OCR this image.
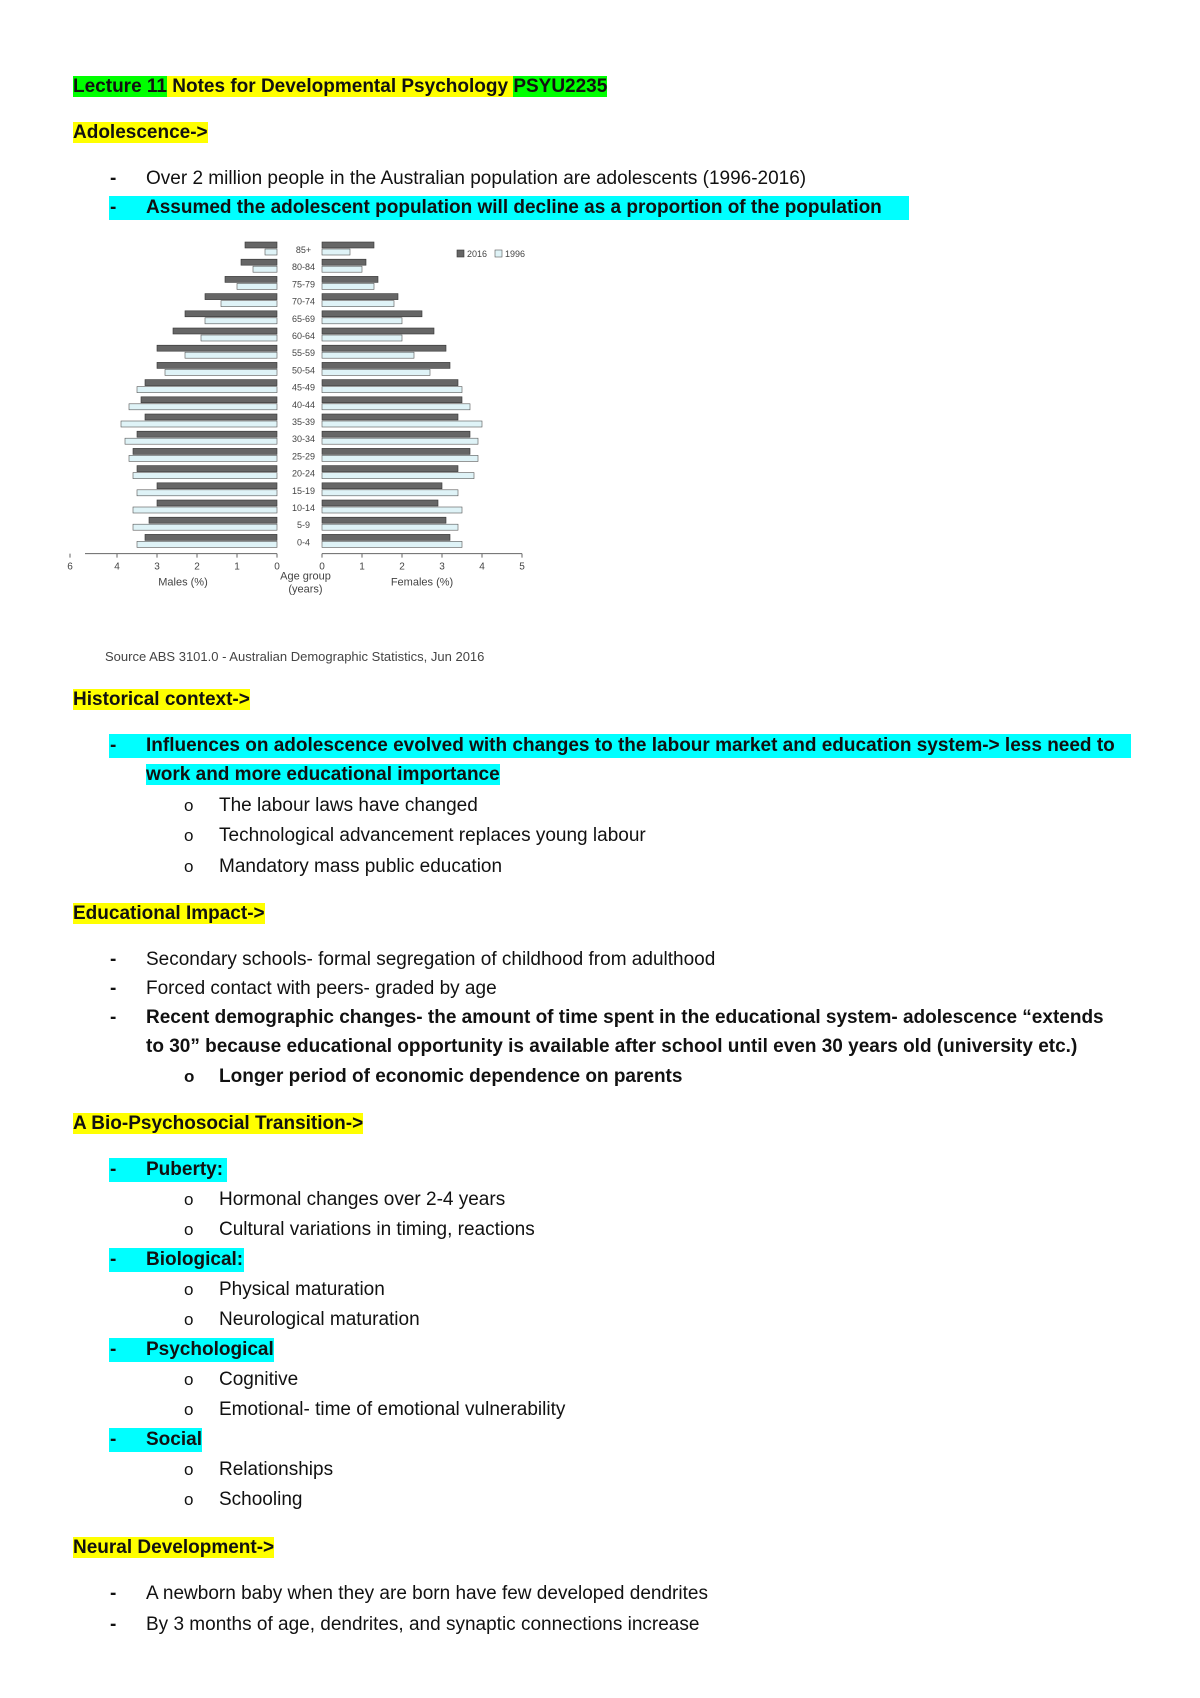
Lecture 11 Notes for Developmental Psychology PSYU2235
Adolescence->
- Over 2 million people in the Australian population are adolescents (1996-2016)
Assumed the adolescent population will decline as a proportion of the population
-
85+
80-84
75-79
70-74
65-69
60-64
55-59
50-54
45-49
40-44
35-39
30-34
25-29
20-24
15-19
10-14
5-9
0-4
6	4	3	2	1	0	0	1	2	3	4	5
Males (%)	Age group
(years)
Females (%)
2016 1996
Source ABS 3101.0 - Australian Demographic Statistics, Jun 2016
Historical context->
Influences on adolescence evolved with changes to the labour market and education system-> less need to
-
work and more educational importance
o The labour laws have changed
o Technological advancement replaces young labour
o Mandatory mass public education
Educational Impact->
- Secondary schools- formal segregation of childhood from adulthood
- Forced contact with peers- graded by age
- Recent demographic changes- the amount of time spent in the educational system- adolescence “extends
to 30” because educational opportunity is available after school until even 30 years old (university etc.)
o Longer period of economic dependence on parents
A Bio-Psychosocial Transition->
Puberty:
-
o Hormonal changes over 2-4 years
o Cultural variations in timing, reactions
Biological:
-
o Physical maturation
o Neurological maturation
Psychological
-
o Cognitive
o Emotional- time of emotional vulnerability
Social
-
o Relationships
o Schooling
Neural Development->
- A newborn baby when they are born have few developed dendrites
- By 3 months of age, dendrites, and synaptic connections increase
